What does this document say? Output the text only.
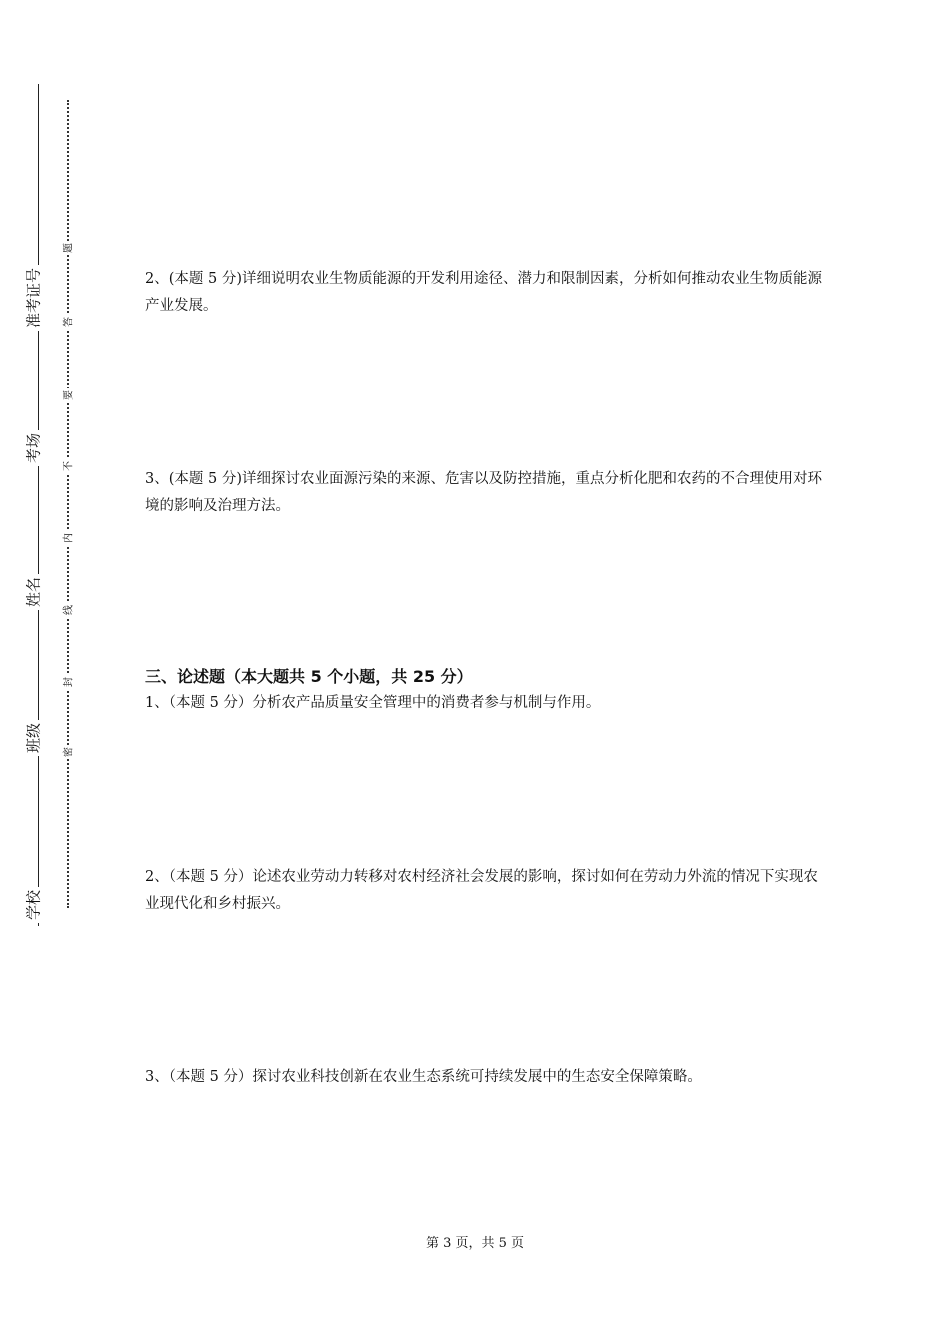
准考证号
考场
姓名
班级
学校
题
答
要
不
内
线
封
密
2、(本题 5 分)详细说明农业生物质能源的开发利用途径、潜力和限制因素，分析如何推动农业生物质能源产业发展。
3、(本题 5 分)详细探讨农业面源污染的来源、危害以及防控措施，重点分析化肥和农药的不合理使用对环境的影响及治理方法。
三、论述题（本大题共 5 个小题，共 25 分）
1、（本题 5 分）分析农产品质量安全管理中的消费者参与机制与作用。
2、（本题 5 分）论述农业劳动力转移对农村经济社会发展的影响，探讨如何在劳动力外流的情况下实现农业现代化和乡村振兴。
3、（本题 5 分）探讨农业科技创新在农业生态系统可持续发展中的生态安全保障策略。
第 3 页，共 5 页
